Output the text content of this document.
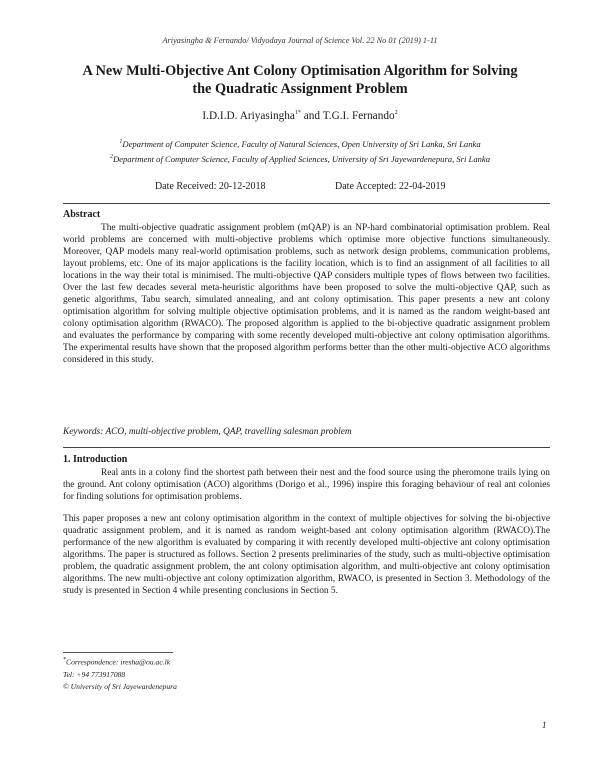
Ariyasingha & Fernando/ Vidyodaya Journal of Science Vol. 22 No 01 (2019) 1-11
A New Multi-Objective Ant Colony Optimisation Algorithm for Solving
the Quadratic Assignment Problem
I.D.I.D. Ariyasingha$^{1*}$ and T.G.I. Fernando$^2$
$^1$Department of Computer Science, Faculty of Natural Sciences, Open University of Sri Lanka, Sri Lanka
$^2$Department of Computer Science, Faculty of Applied Sciences, University of Sri Jayewardenepura, Sri Lanka
Date Received: 20-12-2018	Date Accepted: 22-04-2019
Abstract

The multi-objective quadratic assignment problem (mQAP) is an NP-hard combinatorial optimisation problem. Real world problems are concerned with multi-objective problems which optimise more objective functions simultaneously. Moreover, QAP models many real-world optimisation problems, such as network design problems, communication problems, layout problems, etc. One of its major applications is the facility location, which is to find an assignment of all facilities to all locations in the way their total is minimised. The multi-objective QAP considers multiple types of flows between two facilities. Over the last few decades several meta-heuristic algorithms have been proposed to solve the multi-objective QAP, such as genetic algorithms, Tabu search, simulated annealing, and ant colony optimisation. This paper presents a new ant colony optimisation algorithm for solving multiple objective optimisation problems, and it is named as the random weight-based ant colony optimisation algorithm (RWACO). The proposed algorithm is applied to the bi-objective quadratic assignment problem and evaluates the performance by comparing with some recently developed multi-objective ant colony optimisation algorithms. The experimental results have shown that the proposed algorithm performs better than the other multi-objective ACO algorithms considered in this study.

Keywords: ACO, multi-objective problem, QAP, travelling salesman problem
1. Introduction

Real ants in a colony find the shortest path between their nest and the food source using the pheromone trails lying on the ground. Ant colony optimisation (ACO) algorithms (Dorigo et al., 1996) inspire this foraging behaviour of real ant colonies for finding solutions for optimisation problems.

This paper proposes a new ant colony optimisation algorithm in the context of multiple objectives for solving the bi-objective quadratic assignment problem, and it is named as random weight-based ant colony optimisation algorithm (RWACO).The performance of the new algorithm is evaluated by comparing it with recently developed multi-objective ant colony optimisation algorithms. The paper is structured as follows. Section 2 presents preliminaries of the study, such as multi-objective optimisation problem, the quadratic assignment problem, the ant colony optimisation algorithm, and multi-objective ant colony optimisation algorithms. The new multi-objective ant colony optimization algorithm, RWACO, is presented in Section 3. Methodology of the study is presented in Section 4 while presenting conclusions in Section 5.

*Correspondence: iresha@ou.ac.lk
Tel: +94 773917088
© University of Sri Jayewardenepura
1
